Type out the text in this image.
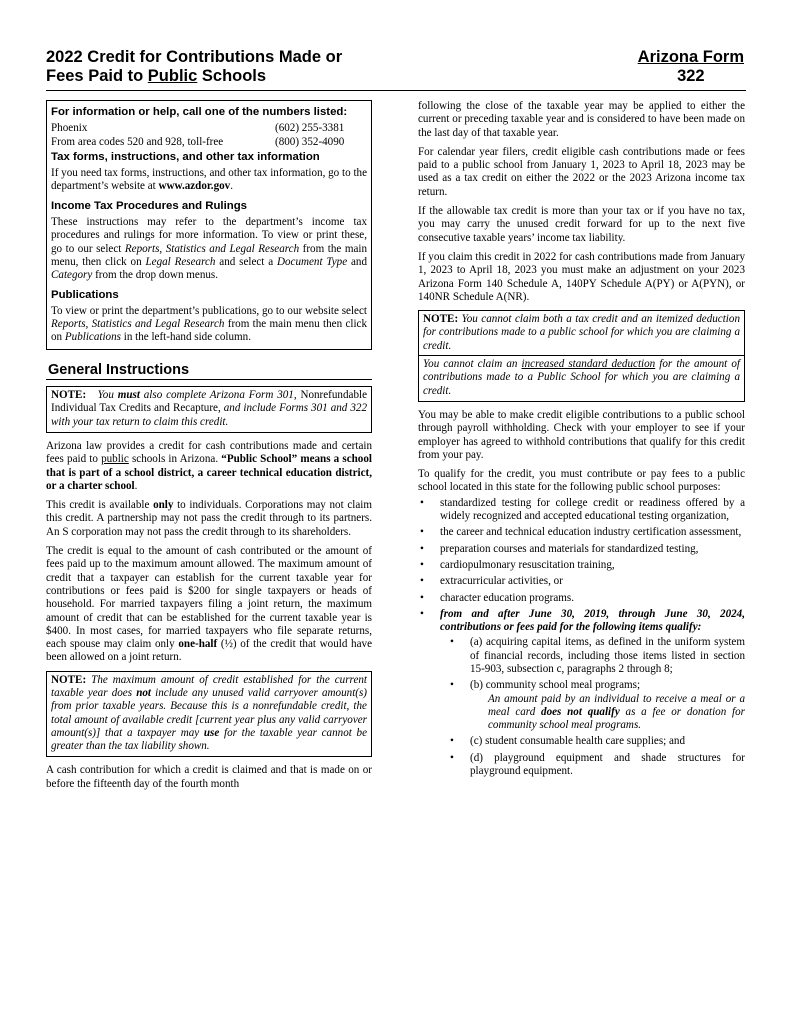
2022 Credit for Contributions Made or
Fees Paid to Public Schools
Arizona Form
322
For information or help, call one of the numbers listed:
Phoenix	(602) 255-3381
From area codes 520 and 928, toll-free	(800) 352-4090
Tax forms, instructions, and other tax information

If you need tax forms, instructions, and other tax information, go to the department’s website at www.azdor.gov.

Income Tax Procedures and Rulings

These instructions may refer to the department’s income tax procedures and rulings for more information. To view or print these, go to our select Reports, Statistics and Legal Research from the main menu, then click on Legal Research and select a Document Type and Category from the drop down menus.

Publications

To view or print the department’s publications, go to our website select Reports, Statistics and Legal Research from the main menu then click on Publications in the left-hand side column.

General Instructions
NOTE: You must also complete Arizona Form 301, Nonrefundable Individual Tax Credits and Recapture, and include Forms 301 and 322 with your tax return to claim this credit.

Arizona law provides a credit for cash contributions made and certain fees paid to public schools in Arizona. “Public School” means a school that is part of a school district, a career technical education district, or a charter school.

This credit is available only to individuals. Corporations may not claim this credit. A partnership may not pass the credit through to its partners. An S corporation may not pass the credit through to its shareholders.

The credit is equal to the amount of cash contributed or the amount of fees paid up to the maximum amount allowed. The maximum amount of credit that a taxpayer can establish for the current taxable year for contributions or fees paid is $200 for single taxpayers or heads of household. For married taxpayers filing a joint return, the maximum amount of credit that can be established for the current taxable year is $400. In most cases, for married taxpayers who file separate returns, each spouse may claim only one-half (½) of the credit that would have been allowed on a joint return.

NOTE: The maximum amount of credit established for the current taxable year does not include any unused valid carryover amount(s) from prior taxable years. Because this is a nonrefundable credit, the total amount of available credit [current year plus any valid carryover amount(s)] that a taxpayer may use for the taxable year cannot be greater than the tax liability shown.

A cash contribution for which a credit is claimed and that is made on or before the fifteenth day of the fourth month

following the close of the taxable year may be applied to either the current or preceding taxable year and is considered to have been made on the last day of that taxable year.

For calendar year filers, credit eligible cash contributions made or fees paid to a public school from January 1, 2023 to April 18, 2023 may be used as a tax credit on either the 2022 or the 2023 Arizona income tax return.

If the allowable tax credit is more than your tax or if you have no tax, you may carry the unused credit forward for up to the next five consecutive taxable years’ income tax liability.

If you claim this credit in 2022 for cash contributions made from January 1, 2023 to April 18, 2023 you must make an adjustment on your 2023 Arizona Form 140 Schedule A, 140PY Schedule A(PY) or A(PYN), or 140NR Schedule A(NR).

NOTE: You cannot claim both a tax credit and an itemized deduction for contributions made to a public school for which you are claiming a credit.
You cannot claim an increased standard deduction for the amount of contributions made to a Public School for which you are claiming a credit.

You may be able to make credit eligible contributions to a public school through payroll withholding. Check with your employer to see if your employer has agreed to withhold contributions that qualify for this credit from your pay.

To qualify for the credit, you must contribute or pay fees to a public school located in this state for the following public school purposes:

• standardized testing for college credit or readiness offered by a widely recognized and accepted educational testing organization,
• the career and technical education industry certification assessment,
• preparation courses and materials for standardized testing,
• cardiopulmonary resuscitation training,
• extracurricular activities, or
• character education programs.
• from and after June 30, 2019, through June 30, 2024, contributions or fees paid for the following items qualify:
• (a) acquiring capital items, as defined in the uniform system of financial records, including those items listed in section 15-903, subsection c, paragraphs 2 through 8;
• (b) community school meal programs;
An amount paid by an individual to receive a meal or a meal card does not qualify as a fee or donation for community school meal programs.
• (c) student consumable health care supplies; and
• (d) playground equipment and shade structures for playground equipment.
